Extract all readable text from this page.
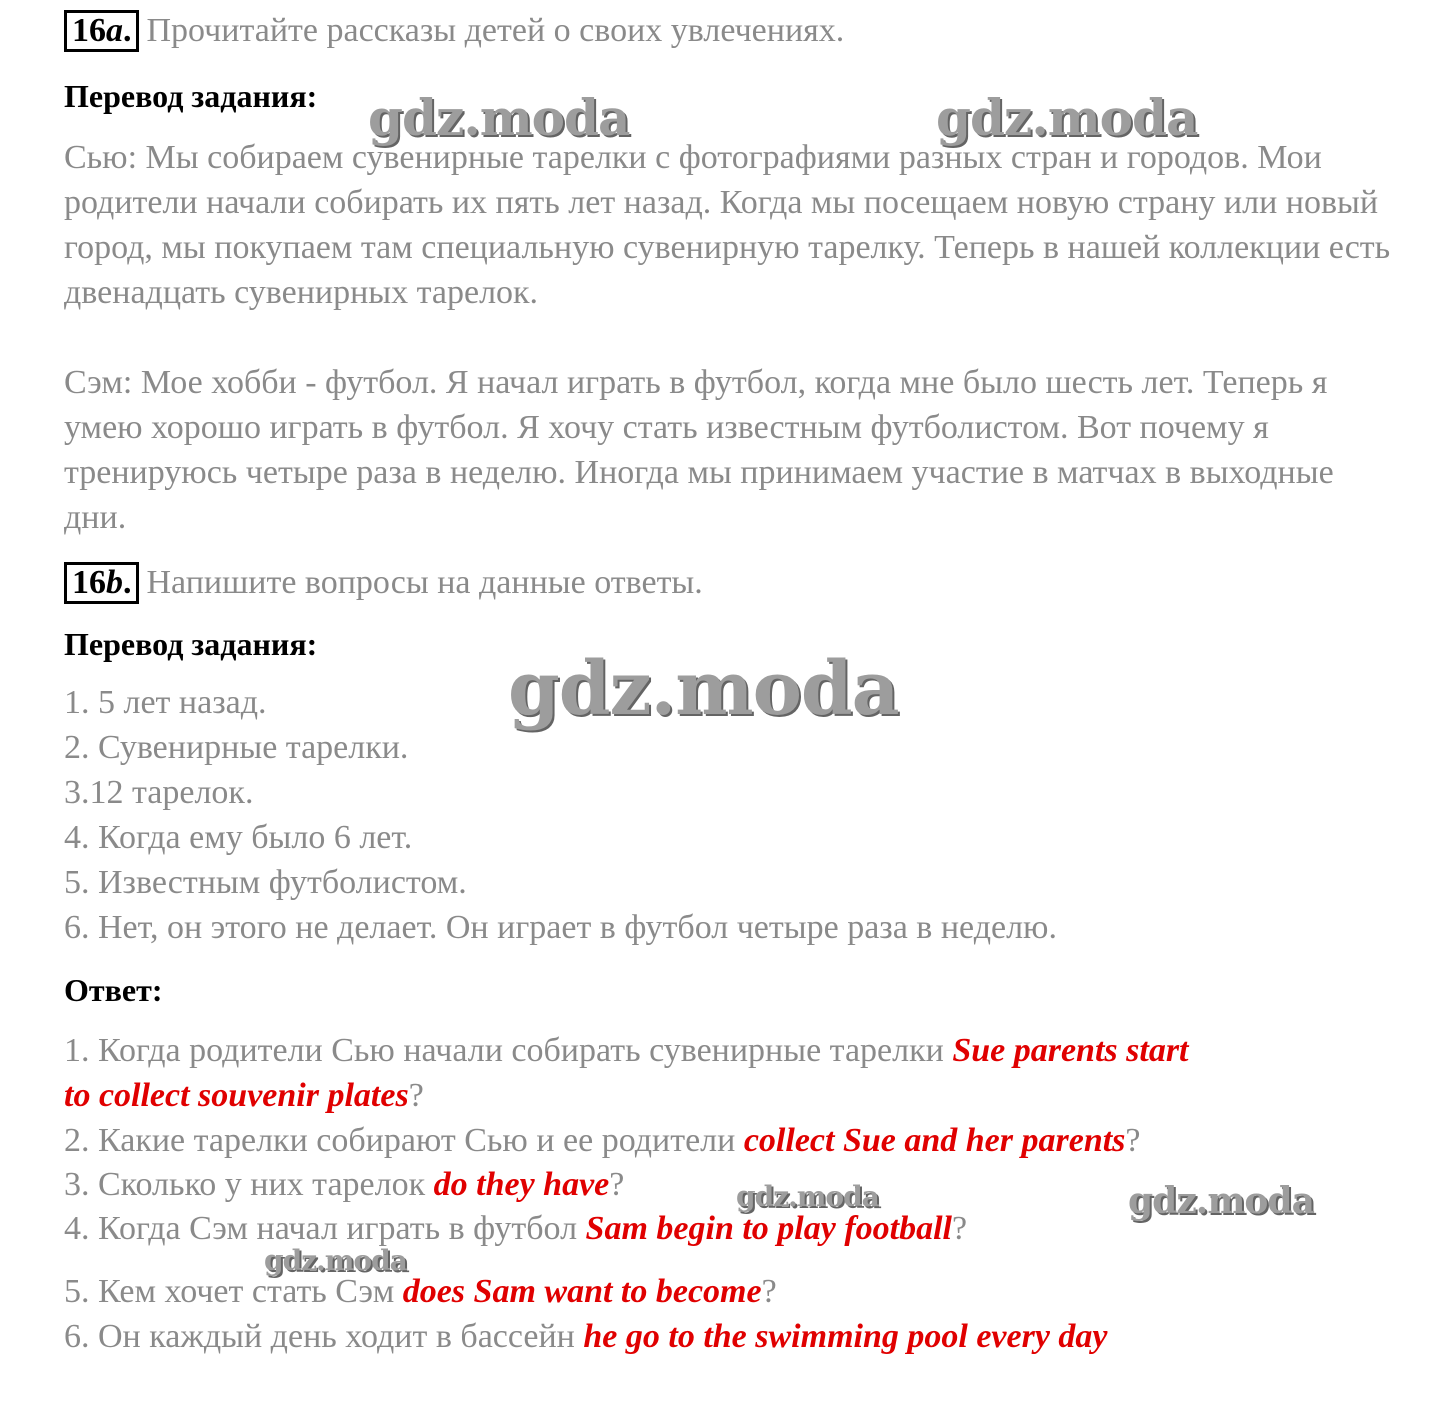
16a. Прочитайте рассказы детей о своих увлечениях.
Перевод задания:

Сью: Мы собираем сувенирные тарелки с фотографиями разных стран и городов. Мои родители начали собирать их пять лет назад. Когда мы посещаем новую страну или новый город, мы покупаем там специальную сувенирную тарелку. Теперь в нашей коллекции есть двенадцать сувенирных тарелок.

Сэм: Мое хобби - футбол. Я начал играть в футбол, когда мне было шесть лет. Теперь я умею хорошо играть в футбол. Я хочу стать известным футболистом. Вот почему я тренируюсь четыре раза в неделю. Иногда мы принимаем участие в матчах в выходные дни.

16b. Напишите вопросы на данные ответы.
Перевод задания:

1. 5 лет назад.

2. Сувенирные тарелки.

3.12 тарелок.

4. Когда ему было 6 лет.

5. Известным футболистом.

6. Нет, он этого не делает. Он играет в футбол четыре раза в неделю.

Ответ:

1. Когда родители Сью начали собирать сувенирные тарелки Sue parents start

to collect souvenir plates?

2. Какие тарелки собирают Сью и ее родители collect Sue and her parents?

3. Сколько у них тарелок do they have?

4. Когда Сэм начал играть в футбол Sam begin to play football?

5. Кем хочет стать Сэм does Sam want to become?

6. Он каждый день ходит в бассейн he go to the swimming pool every day

gdz.moda	gdz.moda
gdz.moda
gdz.moda	gdz.moda
gdz.moda
